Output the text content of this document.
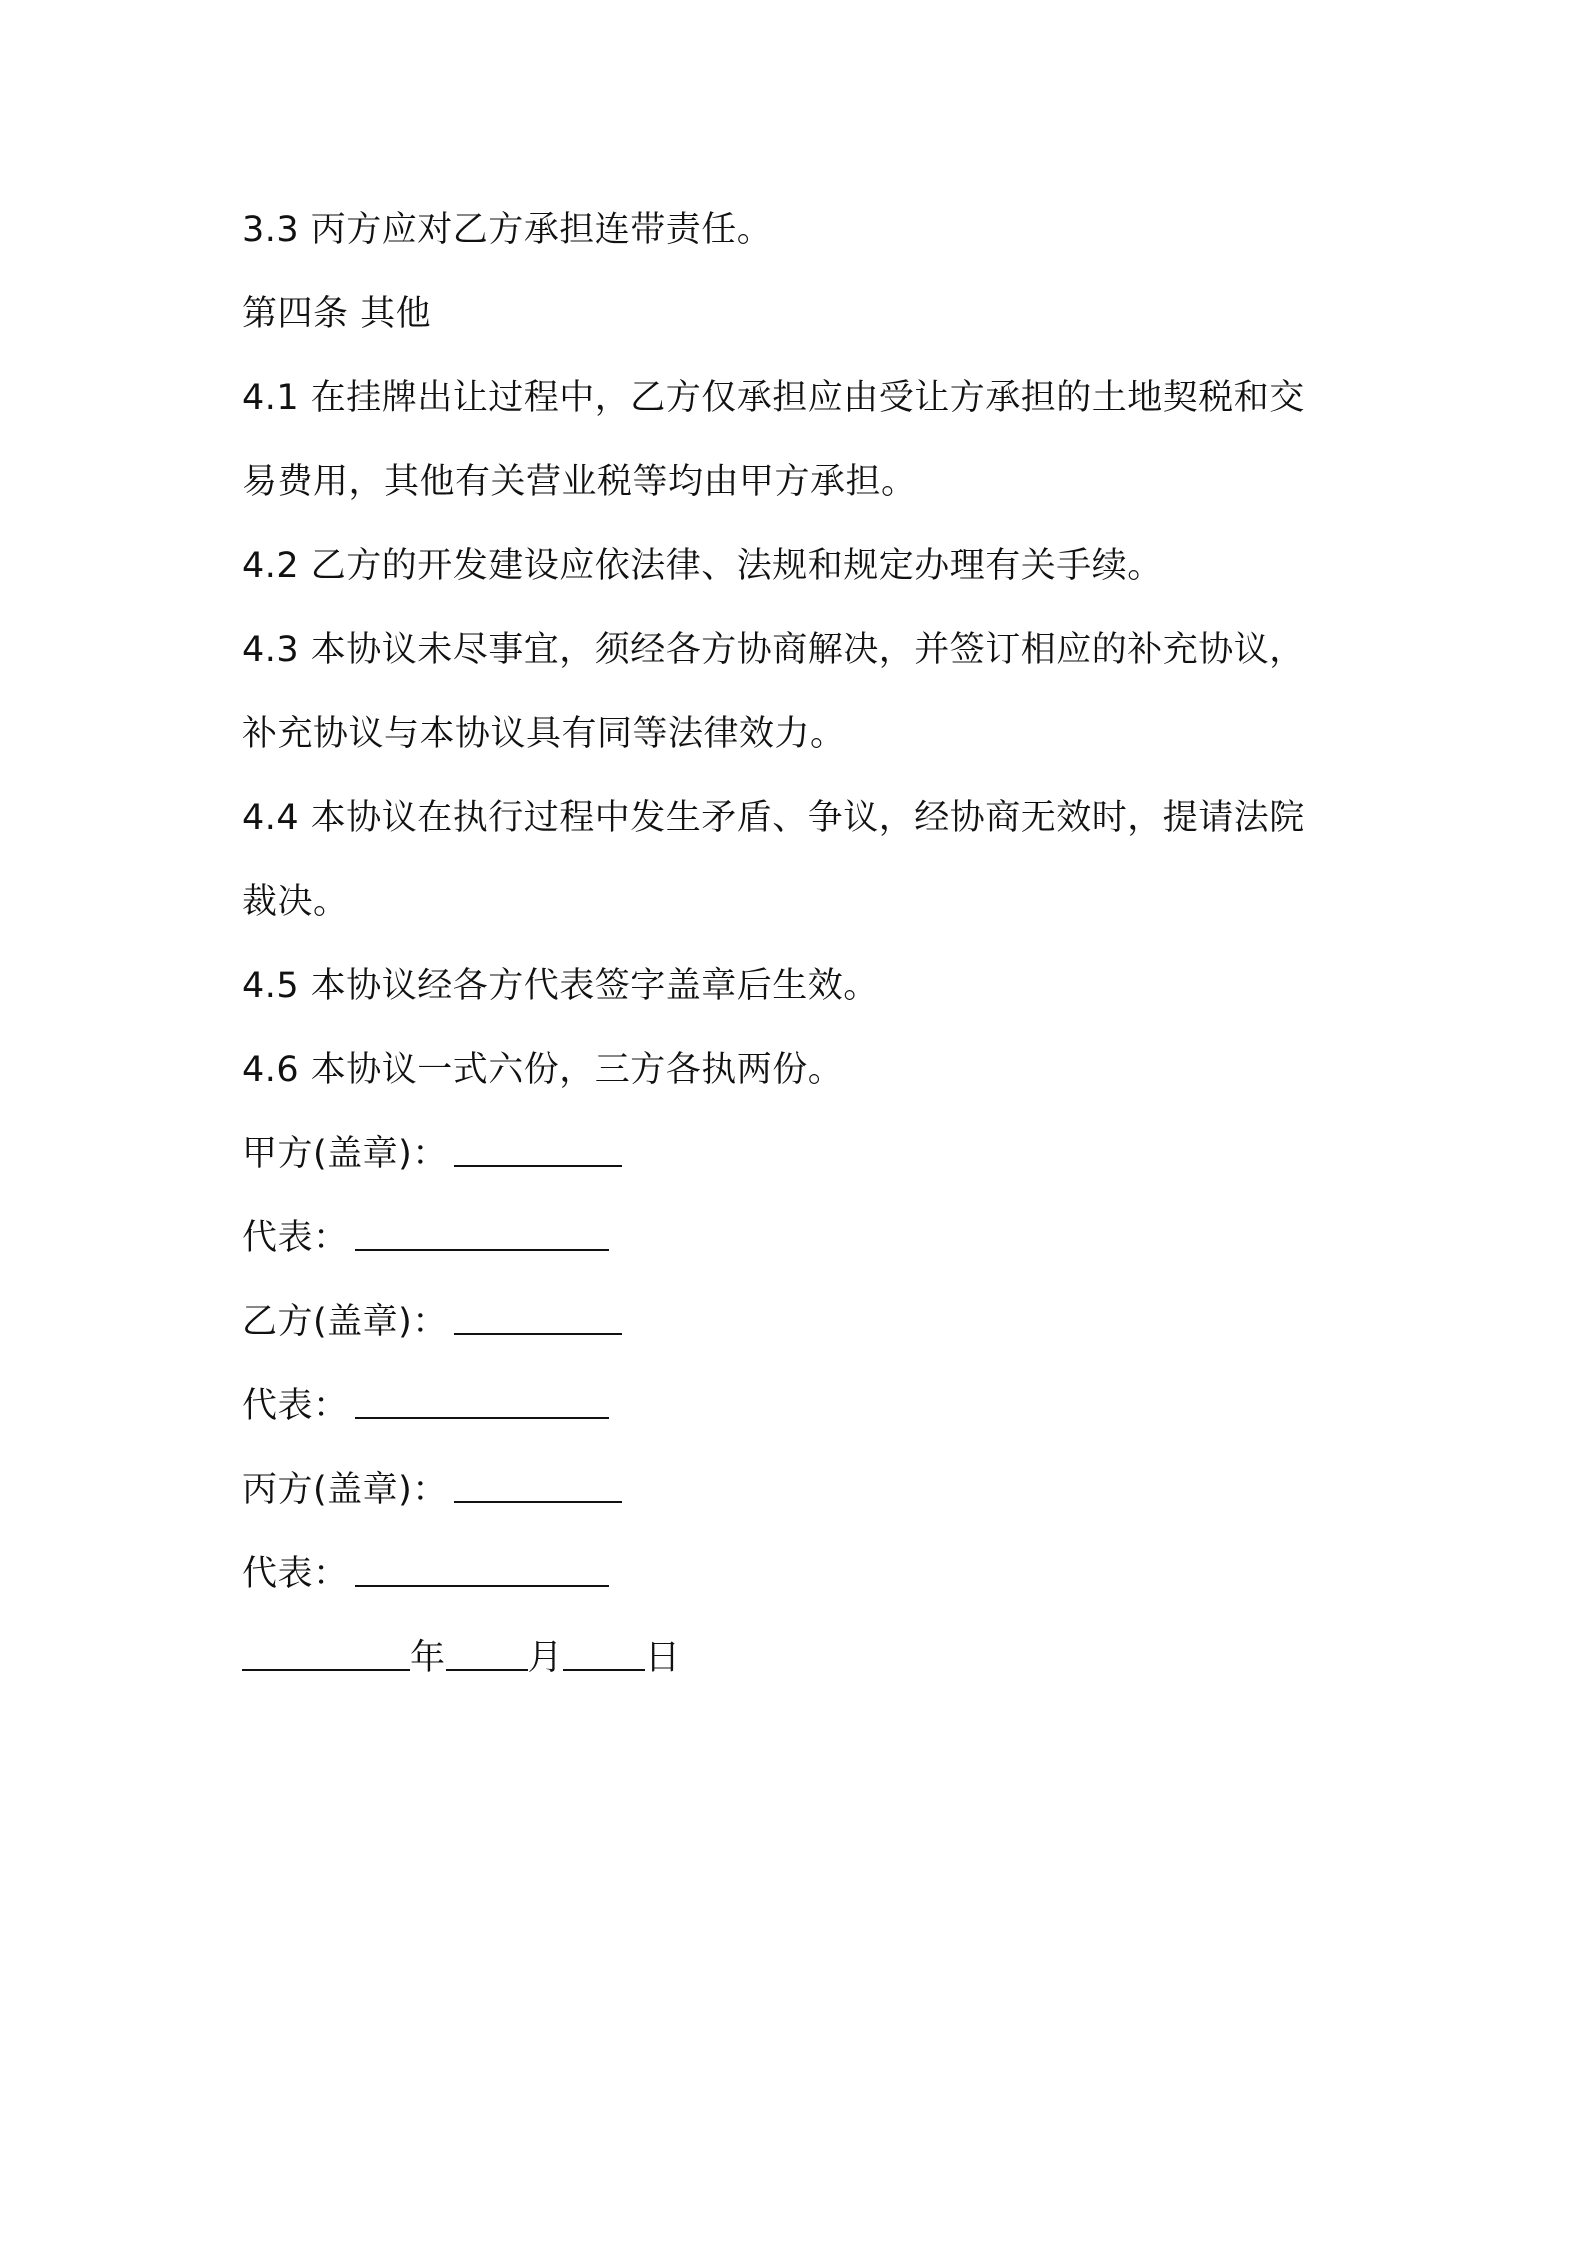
3.3 丙方应对乙方承担连带责任。
第四条 其他
4.1 在挂牌出让过程中，乙方仅承担应由受让方承担的土地契税和交
易费用，其他有关营业税等均由甲方承担。
4.2 乙方的开发建设应依法律、法规和规定办理有关手续。
4.3 本协议未尽事宜，须经各方协商解决，并签订相应的补充协议，
补充协议与本协议具有同等法律效力。
4.4 本协议在执行过程中发生矛盾、争议，经协商无效时，提请法院
裁决。
4.5 本协议经各方代表签字盖章后生效。
4.6 本协议一式六份，三方各执两份。
甲方(盖章)：
代表：
乙方(盖章)：
代表：
丙方(盖章)：
代表：
年 月 日
